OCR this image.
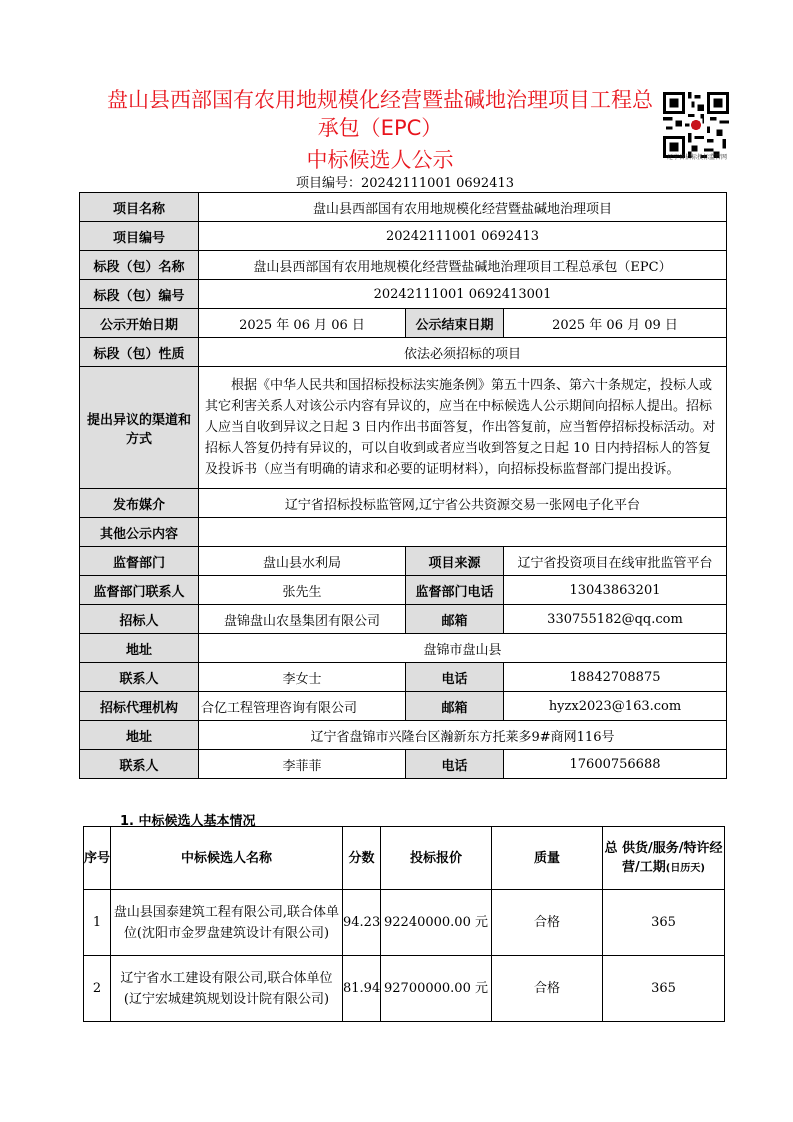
盘山县西部国有农用地规模化经营暨盐碱地治理项目工程总
承包（EPC）
中标候选人公示	辽宁省招标投标监管网
项目编号：20242111001 0692413
项目名称	盘山县西部国有农用地规模化经营暨盐碱地治理项目		
项目编号	20242111001 0692413		
标段（包）名称	盘山县西部国有农用地规模化经营暨盐碱地治理项目工程总承包（EPC）		
标段（包）编号	20242111001 0692413001		
公示开始日期	2025 年 06 月 06 日	公示结束日期	2025 年 06 月 09 日
标段（包）性质	依法必须招标的项目		
提出异议的渠道和方式	根据《中华人民共和国招标投标法实施条例》第五十四条、第六十条规定，投标人或其它利害关系人对该公示内容有异议的，应当在中标候选人公示期间向招标人提出。招标人应当自收到异议之日起 3 日内作出书面答复，作出答复前，应当暂停招标投标活动。对招标人答复仍持有异议的，可以自收到或者应当收到答复之日起 10 日内持招标人的答复及投诉书（应当有明确的请求和必要的证明材料），向招标投标监督部门提出投诉。		
发布媒介	辽宁省招标投标监管网,辽宁省公共资源交易一张网电子化平台		
其他公示内容			
监督部门	盘山县水利局	项目来源	辽宁省投资项目在线审批监管平台
监督部门联系人	张先生	监督部门电话	13043863201
招标人	盘锦盘山农垦集团有限公司	邮箱	330755182@qq.com
地址	盘锦市盘山县		
联系人	李女士	电话	18842708875
招标代理机构	合亿工程管理咨询有限公司	邮箱	hyzx2023@163.com
地址	辽宁省盘锦市兴隆台区瀚新东方托莱多9#商网116号		
联系人	李菲菲	电话	17600756688
1. 中标候选人基本情况
序号	中标候选人名称	分数	投标报价	质量	总 供货/服务/特许经营/工期(日历天)
1	盘山县国泰建筑工程有限公司,联合体单位(沈阳市金罗盘建筑设计有限公司)	94.23	92240000.00 元	合格	365
2	辽宁省水工建设有限公司,联合体单位(辽宁宏城建筑规划设计院有限公司)	81.94	92700000.00 元	合格	365
